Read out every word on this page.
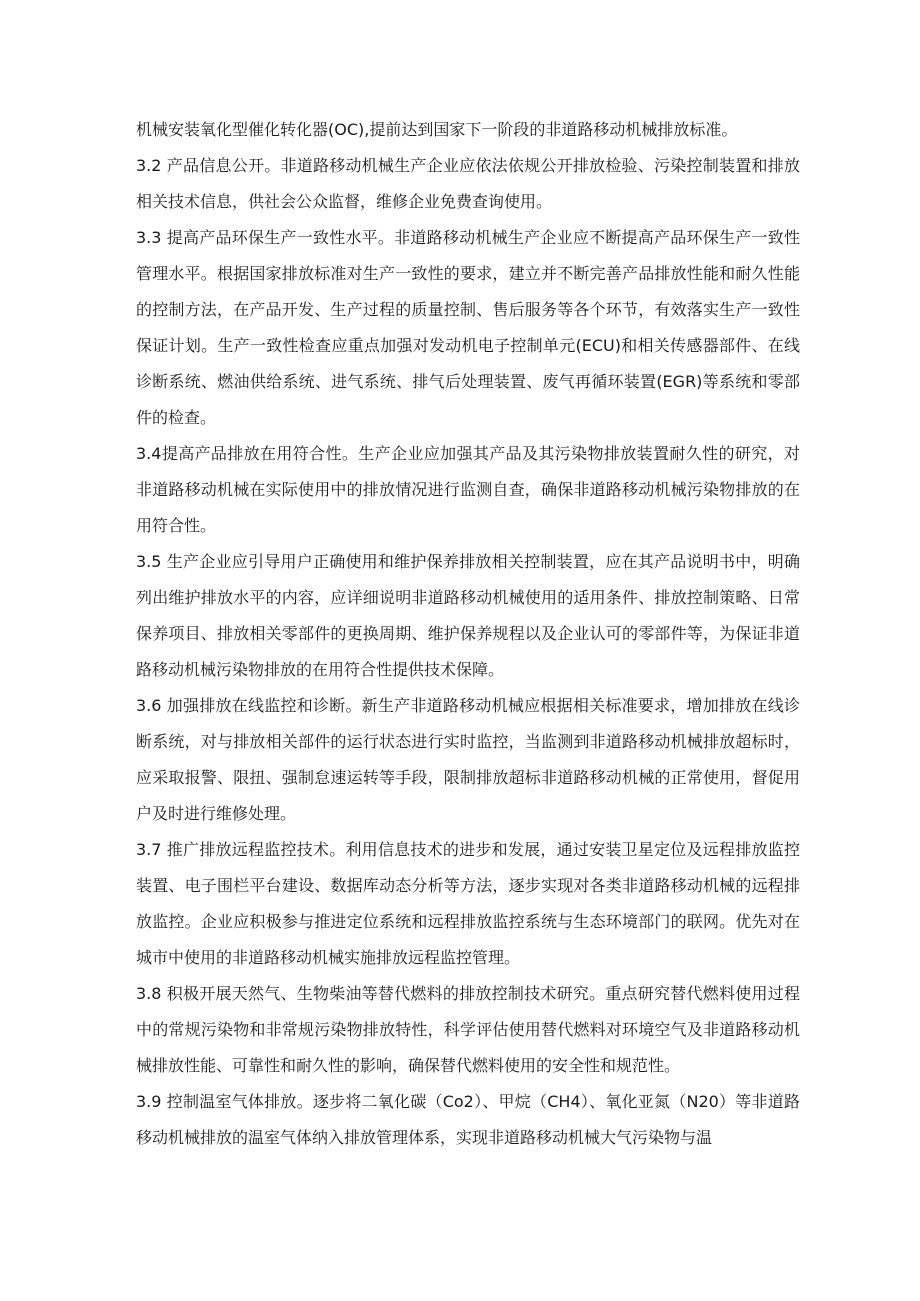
机械安装氧化型催化转化器(OC),提前达到国家下一阶段的非道路移动机械排放标准。

3.2 产品信息公开。非道路移动机械生产企业应依法依规公开排放检验、污染控制装置和排放相关技术信息，供社会公众监督，维修企业免费查询使用。

3.3 提高产品环保生产一致性水平。非道路移动机械生产企业应不断提高产品环保生产一致性管理水平。根据国家排放标准对生产一致性的要求，建立并不断完善产品排放性能和耐久性能的控制方法，在产品开发、生产过程的质量控制、售后服务等各个环节，有效落实生产一致性保证计划。生产一致性检查应重点加强对发动机电子控制单元(ECU)和相关传感器部件、在线诊断系统、燃油供给系统、进气系统、排气后处理装置、废气再循环装置(EGR)等系统和零部件的检查。

3.4提高产品排放在用符合性。生产企业应加强其产品及其污染物排放装置耐久性的研究，对非道路移动机械在实际使用中的排放情况进行监测自查，确保非道路移动机械污染物排放的在用符合性。

3.5 生产企业应引导用户正确使用和维护保养排放相关控制装置，应在其产品说明书中，明确列出维护排放水平的内容，应详细说明非道路移动机械使用的适用条件、排放控制策略、日常保养项目、排放相关零部件的更换周期、维护保养规程以及企业认可的零部件等，为保证非道路移动机械污染物排放的在用符合性提供技术保障。

3.6 加强排放在线监控和诊断。新生产非道路移动机械应根据相关标准要求，增加排放在线诊断系统，对与排放相关部件的运行状态进行实时监控，当监测到非道路移动机械排放超标时，应采取报警、限扭、强制怠速运转等手段，限制排放超标非道路移动机械的正常使用，督促用户及时进行维修处理。

3.7 推广排放远程监控技术。利用信息技术的进步和发展，通过安装卫星定位及远程排放监控装置、电子围栏平台建设、数据库动态分析等方法，逐步实现对各类非道路移动机械的远程排放监控。企业应积极参与推进定位系统和远程排放监控系统与生态环境部门的联网。优先对在城市中使用的非道路移动机械实施排放远程监控管理。

3.8 积极开展天然气、生物柴油等替代燃料的排放控制技术研究。重点研究替代燃料使用过程中的常规污染物和非常规污染物排放特性，科学评估使用替代燃料对环境空气及非道路移动机械排放性能、可靠性和耐久性的影响，确保替代燃料使用的安全性和规范性。

3.9 控制温室气体排放。逐步将二氧化碳（Co2）、甲烷（CH4）、氧化亚氮（N20）等非道路移动机械排放的温室气体纳入排放管理体系，实现非道路移动机械大气污染物与温
